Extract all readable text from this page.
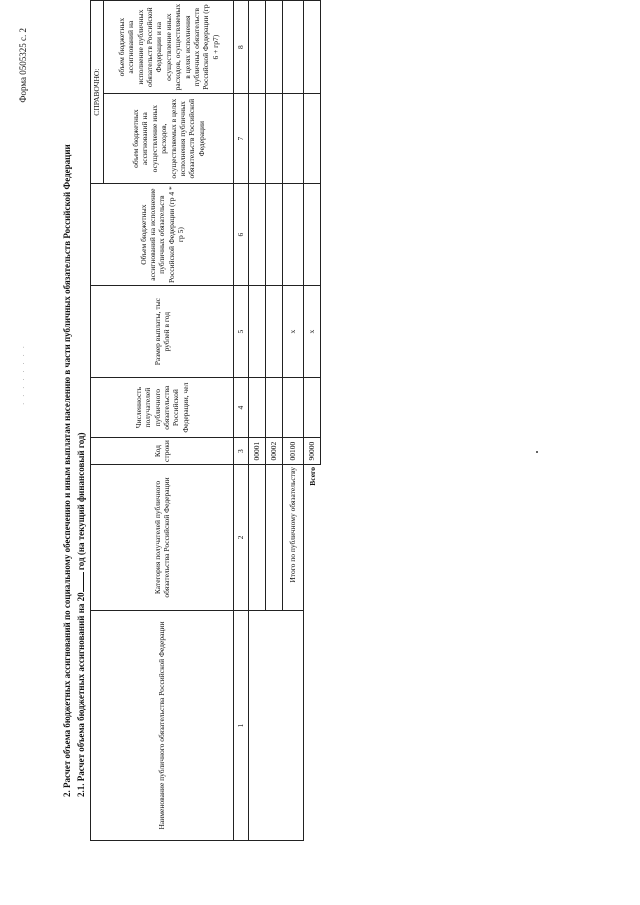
· · · · · · · ·
Форма 0505325 с. 2
2. Расчет объема бюджетных ассигнований по социальному обеспечению и иным выплатам населению в части публичных обязательств Российской Федерации 2.1. Расчет объема бюджетных ассигнований на 20 год (на текущий финансовый год)
Наименование публичного обязательства Российской Федерации	Категория получателей публичного обязательства Российской Федерации	Код строки	Численность получателей публичного обязательства Российской Федерации, чел	Размер выплаты, тыс рублей в год	Объем бюджетных ассигнований на исполнение публичных обязательств Российской Федерации (гр 4 * гр 5)	СПРАВОЧНО:	
						объем бюджетных ассигнований на осуществление иных расходов, осуществляемых в целях исполнения публичных обязательств Российской Федерации	объем бюджетных ассигнований на исполнение публичных обязательств Российской Федерации и на осуществление иных расходов, осуществляемых в целях исполнения публичных обязательств Российской Федерации (гр 6 + гр7)
1	2	3	4	5	6	7	8
		00001					
		00002					
	Итого по публичному обязательству	00100		x			
	Всего	90000		x			
